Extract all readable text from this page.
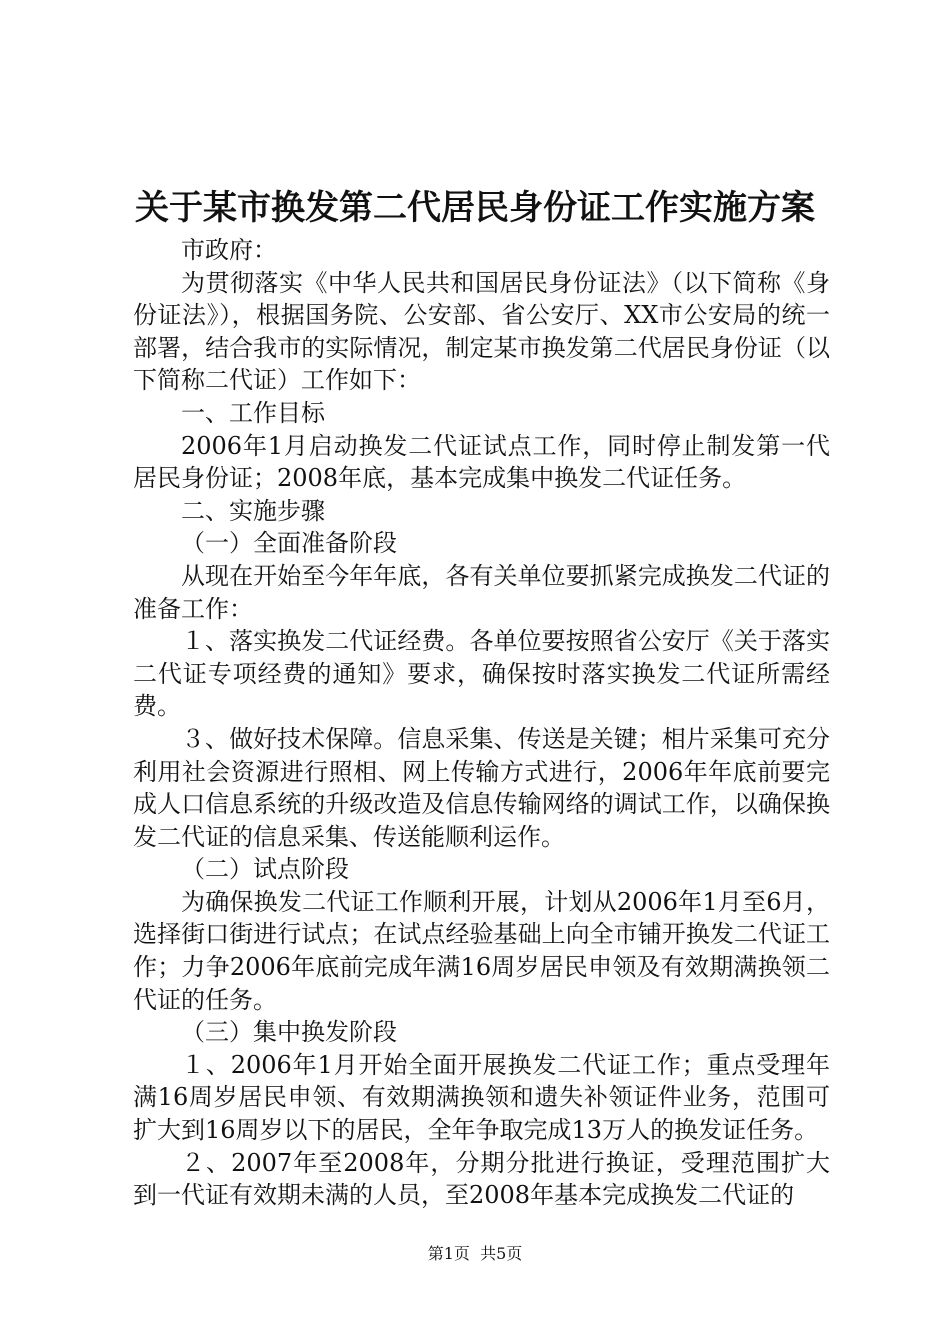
关于某市换发第二代居民身份证工作实施方案

市政府：

为贯彻落实《中华人民共和国居民身份证法》（以下简称《身份证法》），根据国务院、公安部、省公安厅、XX市公安局的统一部署，结合我市的实际情况，制定某市换发第二代居民身份证（以下简称二代证）工作如下：

一、工作目标

2006年1月启动换发二代证试点工作，同时停止制发第一代居民身份证；2008年底，基本完成集中换发二代证任务。

二、实施步骤

（一）全面准备阶段

从现在开始至今年年底，各有关单位要抓紧完成换发二代证的准备工作：

１、落实换发二代证经费。各单位要按照省公安厅《关于落实二代证专项经费的通知》要求，确保按时落实换发二代证所需经费。

３、做好技术保障。信息采集、传送是关键；相片采集可充分利用社会资源进行照相、网上传输方式进行，2006年年底前要完成人口信息系统的升级改造及信息传输网络的调试工作，以确保换发二代证的信息采集、传送能顺利运作。

（二）试点阶段

为确保换发二代证工作顺利开展，计划从2006年1月至6月，选择街口街进行试点；在试点经验基础上向全市铺开换发二代证工作；力争2006年底前完成年满16周岁居民申领及有效期满换领二代证的任务。

（三）集中换发阶段

１、2006年1月开始全面开展换发二代证工作；重点受理年满16周岁居民申领、有效期满换领和遗失补领证件业务，范围可扩大到16周岁以下的居民，全年争取完成13万人的换发证任务。

２、2007年至2008年，分期分批进行换证，受理范围扩大到一代证有效期未满的人员，至2008年基本完成换发二代证的

第1页  共5页
